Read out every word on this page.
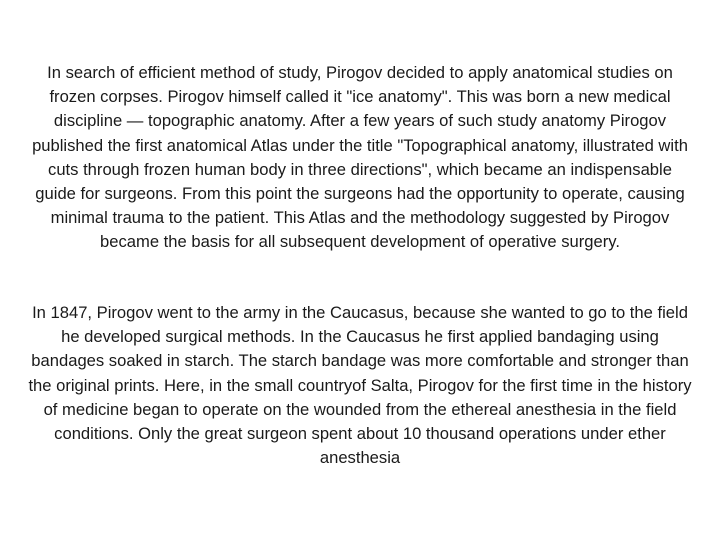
In search of efficient method of study, Pirogov decided to apply anatomical studies on frozen corpses. Pirogov himself called it "ice anatomy". This was born a new medical discipline — topographic anatomy. After a few years of such study anatomy Pirogov published the first anatomical Atlas under the title "Topographical anatomy, illustrated with cuts through frozen human body in three directions", which became an indispensable guide for surgeons. From this point the surgeons had the opportunity to operate, causing minimal trauma to the patient. This Atlas and the methodology suggested by Pirogov became the basis for all subsequent development of operative surgery.

In 1847, Pirogov went to the army in the Caucasus, because she wanted to go to the field he developed surgical methods. In the Caucasus he first applied bandaging using bandages soaked in starch. The starch bandage was more comfortable and stronger than the original prints. Here, in the small countryof Salta, Pirogov for the first time in the history of medicine began to operate on the wounded from the ethereal anesthesia in the field conditions. Only the great surgeon spent about 10 thousand operations under ether anesthesia
